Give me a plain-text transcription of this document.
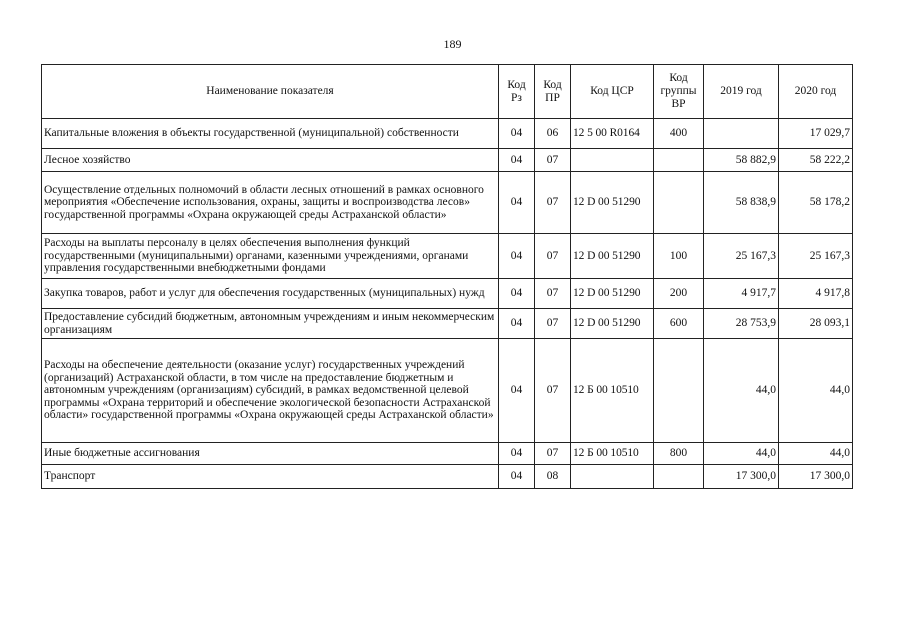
189
Наименование показателя	Код Рз	Код ПР	Код ЦСР	Код группы ВР	2019 год	2020 год
Капитальные вложения в объекты государственной (муниципальной) собственности	04	06	12 5 00 R0164	400		17 029,7
Лесное хозяйство	04	07			58 882,9	58 222,2
Осуществление отдельных полномочий в области лесных отношений в рамках основного мероприятия «Обеспечение использования, охраны, защиты и воспроизводства лесов» государственной программы «Охрана окружающей среды Астраханской области»	04	07	12 D 00 51290		58 838,9	58 178,2
Расходы на выплаты персоналу в целях обеспечения выполнения функций государственными (муниципальными) органами, казенными учреждениями, органами управления государственными внебюджетными фондами	04	07	12 D 00 51290	100	25 167,3	25 167,3
Закупка товаров, работ и услуг для обеспечения государственных (муниципальных) нужд	04	07	12 D 00 51290	200	4 917,7	4 917,8
Предоставление субсидий бюджетным, автономным учреждениям и иным некоммерческим организациям	04	07	12 D 00 51290	600	28 753,9	28 093,1
Расходы на обеспечение деятельности (оказание услуг) государственных учреждений (организаций) Астраханской области, в том числе на предоставление бюджетным и автономным учреждениям (организациям) субсидий, в рамках ведомственной целевой программы «Охрана территорий и обеспечение экологической безопасности Астраханской области» государственной программы «Охрана окружающей среды Астраханской области»	04	07	12 Б 00 10510		44,0	44,0
Иные бюджетные ассигнования	04	07	12 Б 00 10510	800	44,0	44,0
Транспорт	04	08			17 300,0	17 300,0
